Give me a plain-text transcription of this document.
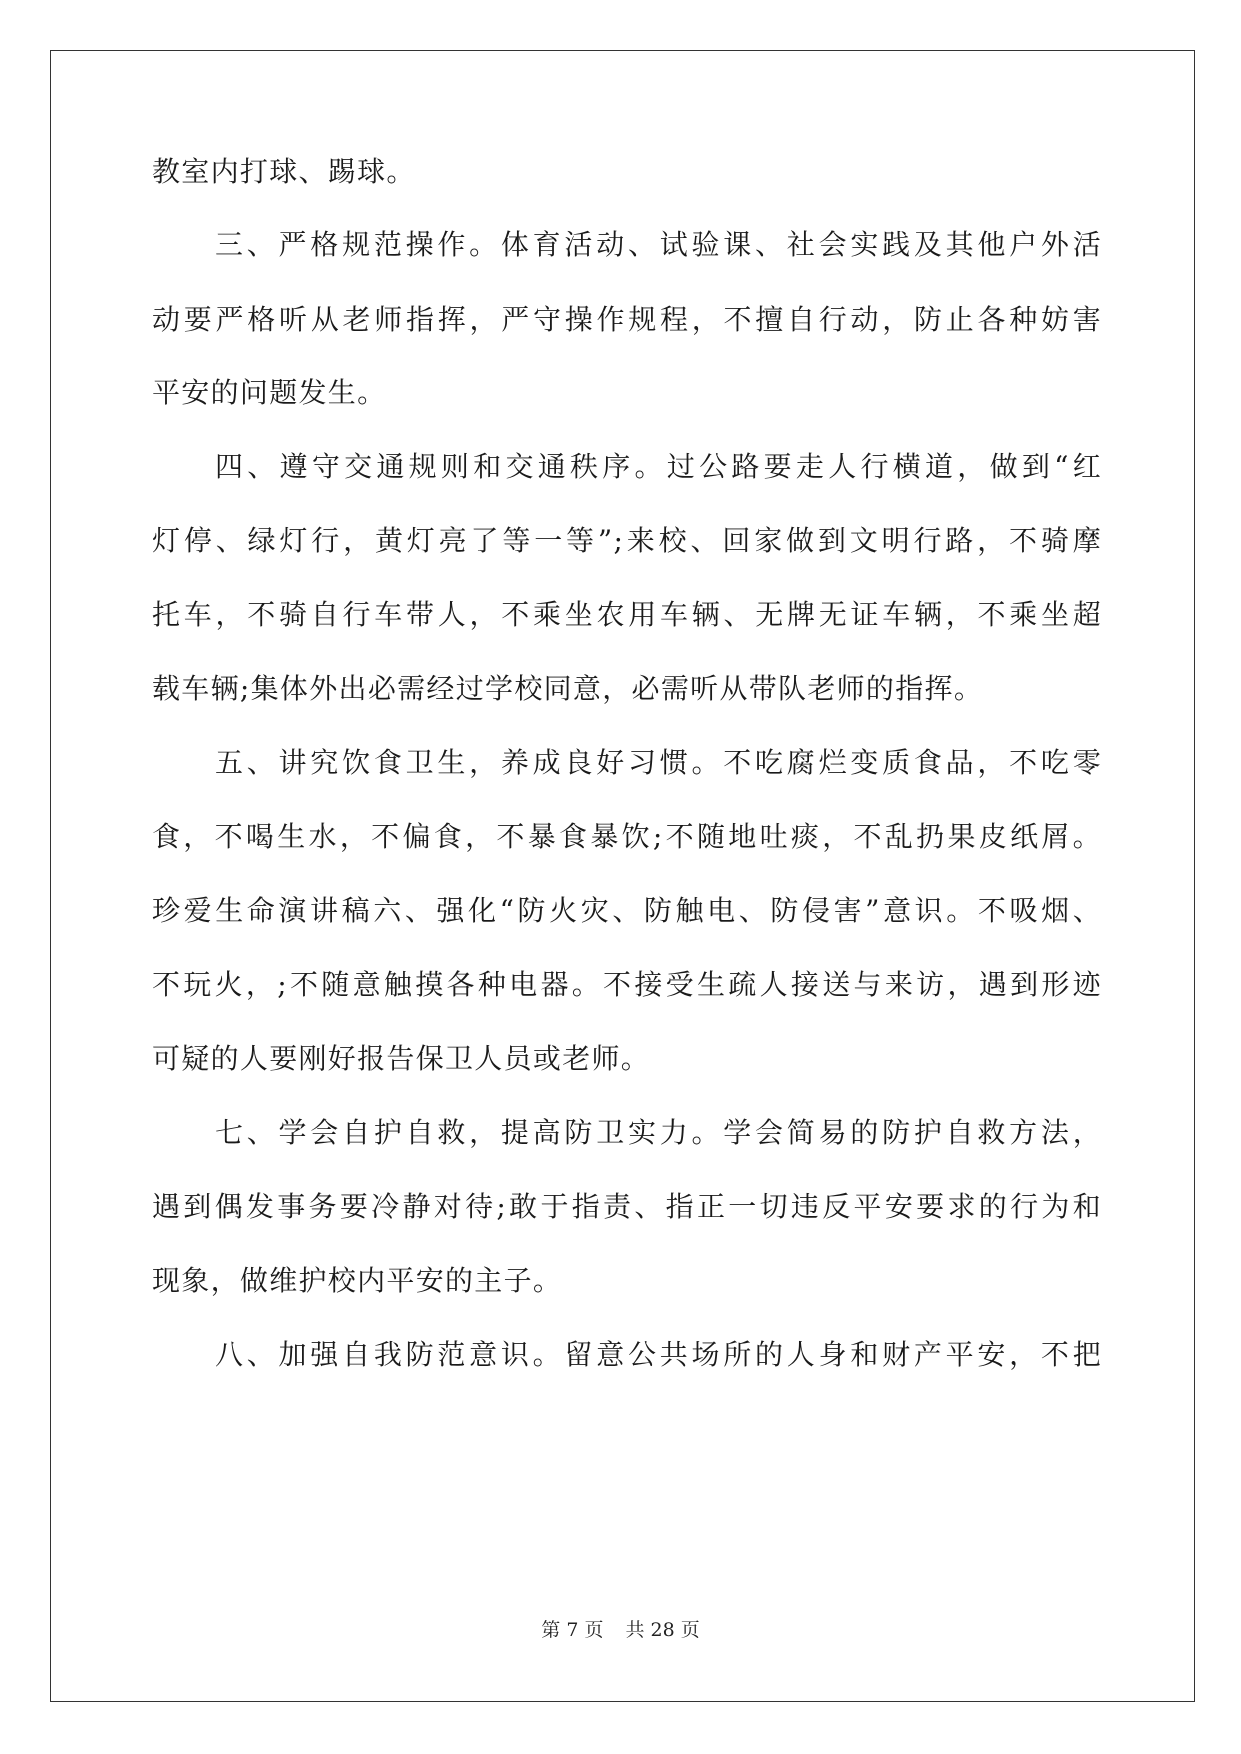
教室内打球、踢球。
三、严格规范操作。体育活动、试验课、社会实践及其他户外活
动要严格听从老师指挥，严守操作规程，不擅自行动，防止各种妨害
平安的问题发生。
四、遵守交通规则和交通秩序。过公路要走人行横道，做到“红
灯停、绿灯行，黄灯亮了等一等”;来校、回家做到文明行路，不骑摩
托车，不骑自行车带人，不乘坐农用车辆、无牌无证车辆，不乘坐超
载车辆;集体外出必需经过学校同意，必需听从带队老师的指挥。
五、讲究饮食卫生，养成良好习惯。不吃腐烂变质食品，不吃零
食，不喝生水，不偏食，不暴食暴饮;不随地吐痰，不乱扔果皮纸屑。
珍爱生命演讲稿六、强化“防火灾、防触电、防侵害”意识。不吸烟、
不玩火，;不随意触摸各种电器。不接受生疏人接送与来访，遇到形迹
可疑的人要刚好报告保卫人员或老师。
七、学会自护自救，提高防卫实力。学会简易的防护自救方法，
遇到偶发事务要冷静对待;敢于指责、指正一切违反平安要求的行为和
现象，做维护校内平安的主子。
八、加强自我防范意识。留意公共场所的人身和财产平安，不把
第 7 页 共 28 页
